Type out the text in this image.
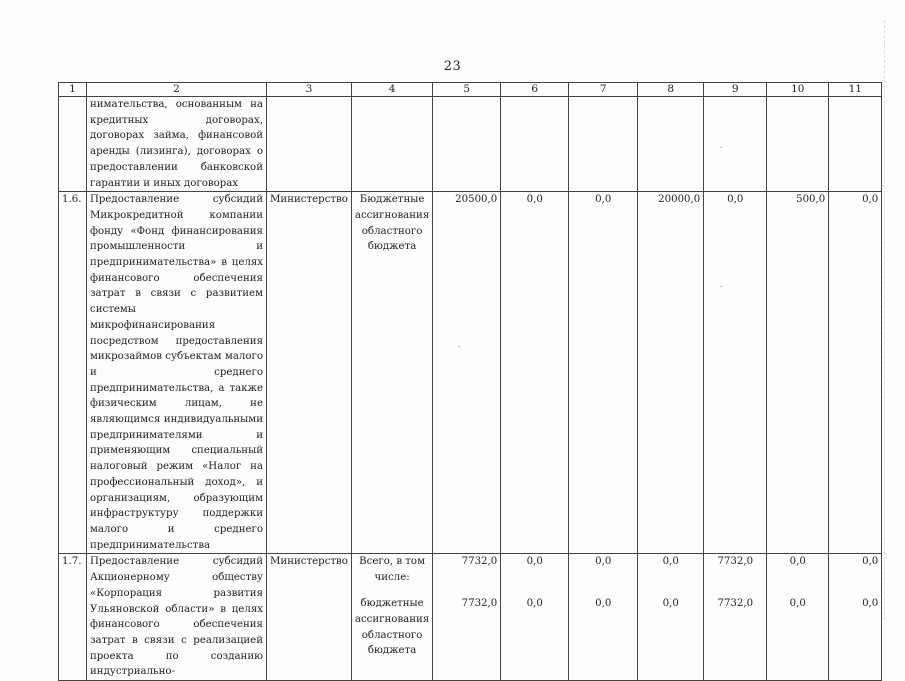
23
1	2	3	4	5	6	7	8	9	10	11
	нимательства, основанным на кредитных договорах, договорах займа, финансовой аренды (лизинга), договорах о предоставлении банковской гарантии и иных договорах									
1.6.	Предоставление субсидий Микрокредитной компании фонду «Фонд финансирования промышленности и предпринимательства» в целях финансового обеспечения затрат в связи с развитием системы микрофинансирования посредством предоставления микрозаймов субъектам малого и среднего предпринимательства, а также физическим лицам, не являющимся индивидуальными предпринимателями и применяющим специальный налоговый режим «Налог на профессиональный доход», и организациям, образующим инфраструктуру поддержки малого и среднего предпринимательства	Министерство	Бюджетные ассигнования областного бюджета	20500,0	0,0	0,0	20000,0	0,0	500,0	0,0
1.7.	Предоставление субсидий Акционерному обществу «Корпорация развития Ульяновской области» в целях финансового обеспечения затрат в связи с реализацией проекта по созданию индустриально-	Министерство	Всего, в том числе:	7732,0	0,0	0,0	0,0	7732,0	0,0	0,0
			бюджетные ассигнования областного бюджета	7732,0	0,0	0,0	0,0	7732,0	0,0	0,0
